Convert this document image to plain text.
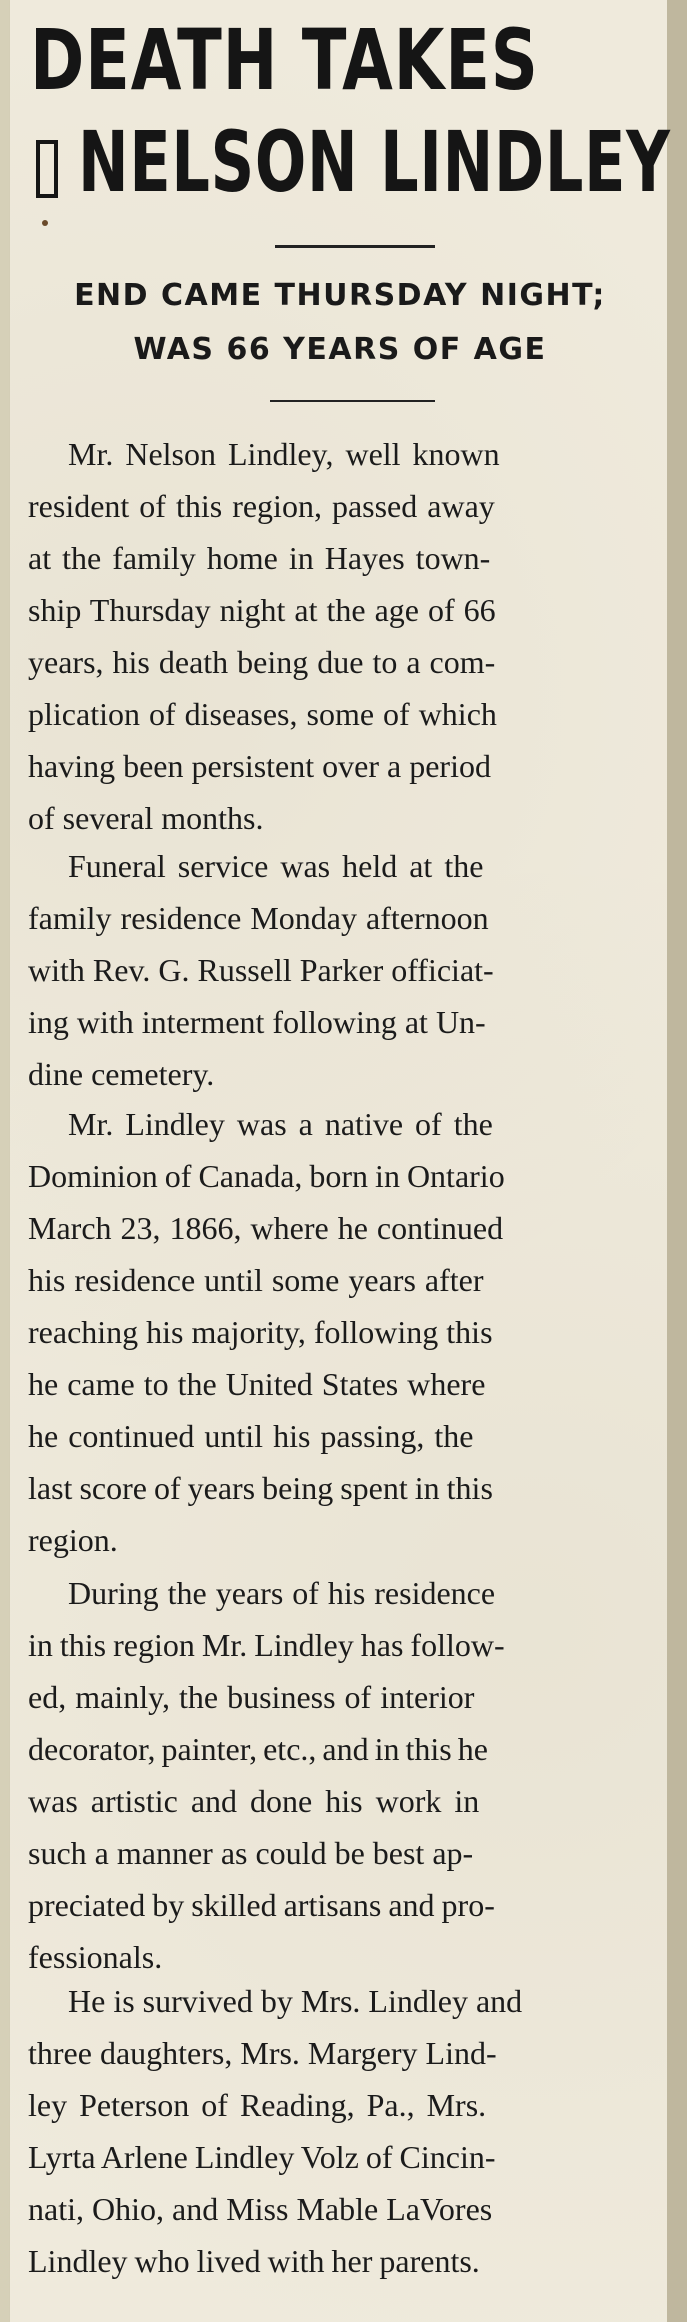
DEATH TAKES
NELSON LINDLEY
END CAME THURSDAY NIGHT;
WAS 66 YEARS OF AGE
Mr. Nelson Lindley, well known
resident of this region, passed away
at the family home in Hayes town-
ship Thursday night at the age of 66
years, his death being due to a com-
plication of diseases, some of which
having been persistent over a period
of several months.
Funeral service was held at the
family residence Monday afternoon
with Rev. G. Russell Parker officiat-
ing with interment following at Un-
dine cemetery.
Mr. Lindley was a native of the
Dominion of Canada, born in Ontario
March 23, 1866, where he continued
his residence until some years after
reaching his majority, following this
he came to the United States where
he continued until his passing, the
last score of years being spent in this
region.
During the years of his residence
in this region Mr. Lindley has follow-
ed, mainly, the business of interior
decorator, painter, etc., and in this he
was artistic and done his work in
such a manner as could be best ap-
preciated by skilled artisans and pro-
fessionals.
He is survived by Mrs. Lindley and
three daughters, Mrs. Margery Lind-
ley Peterson of Reading, Pa., Mrs.
Lyrta Arlene Lindley Volz of Cincin-
nati, Ohio, and Miss Mable LaVores
Lindley who lived with her parents.
